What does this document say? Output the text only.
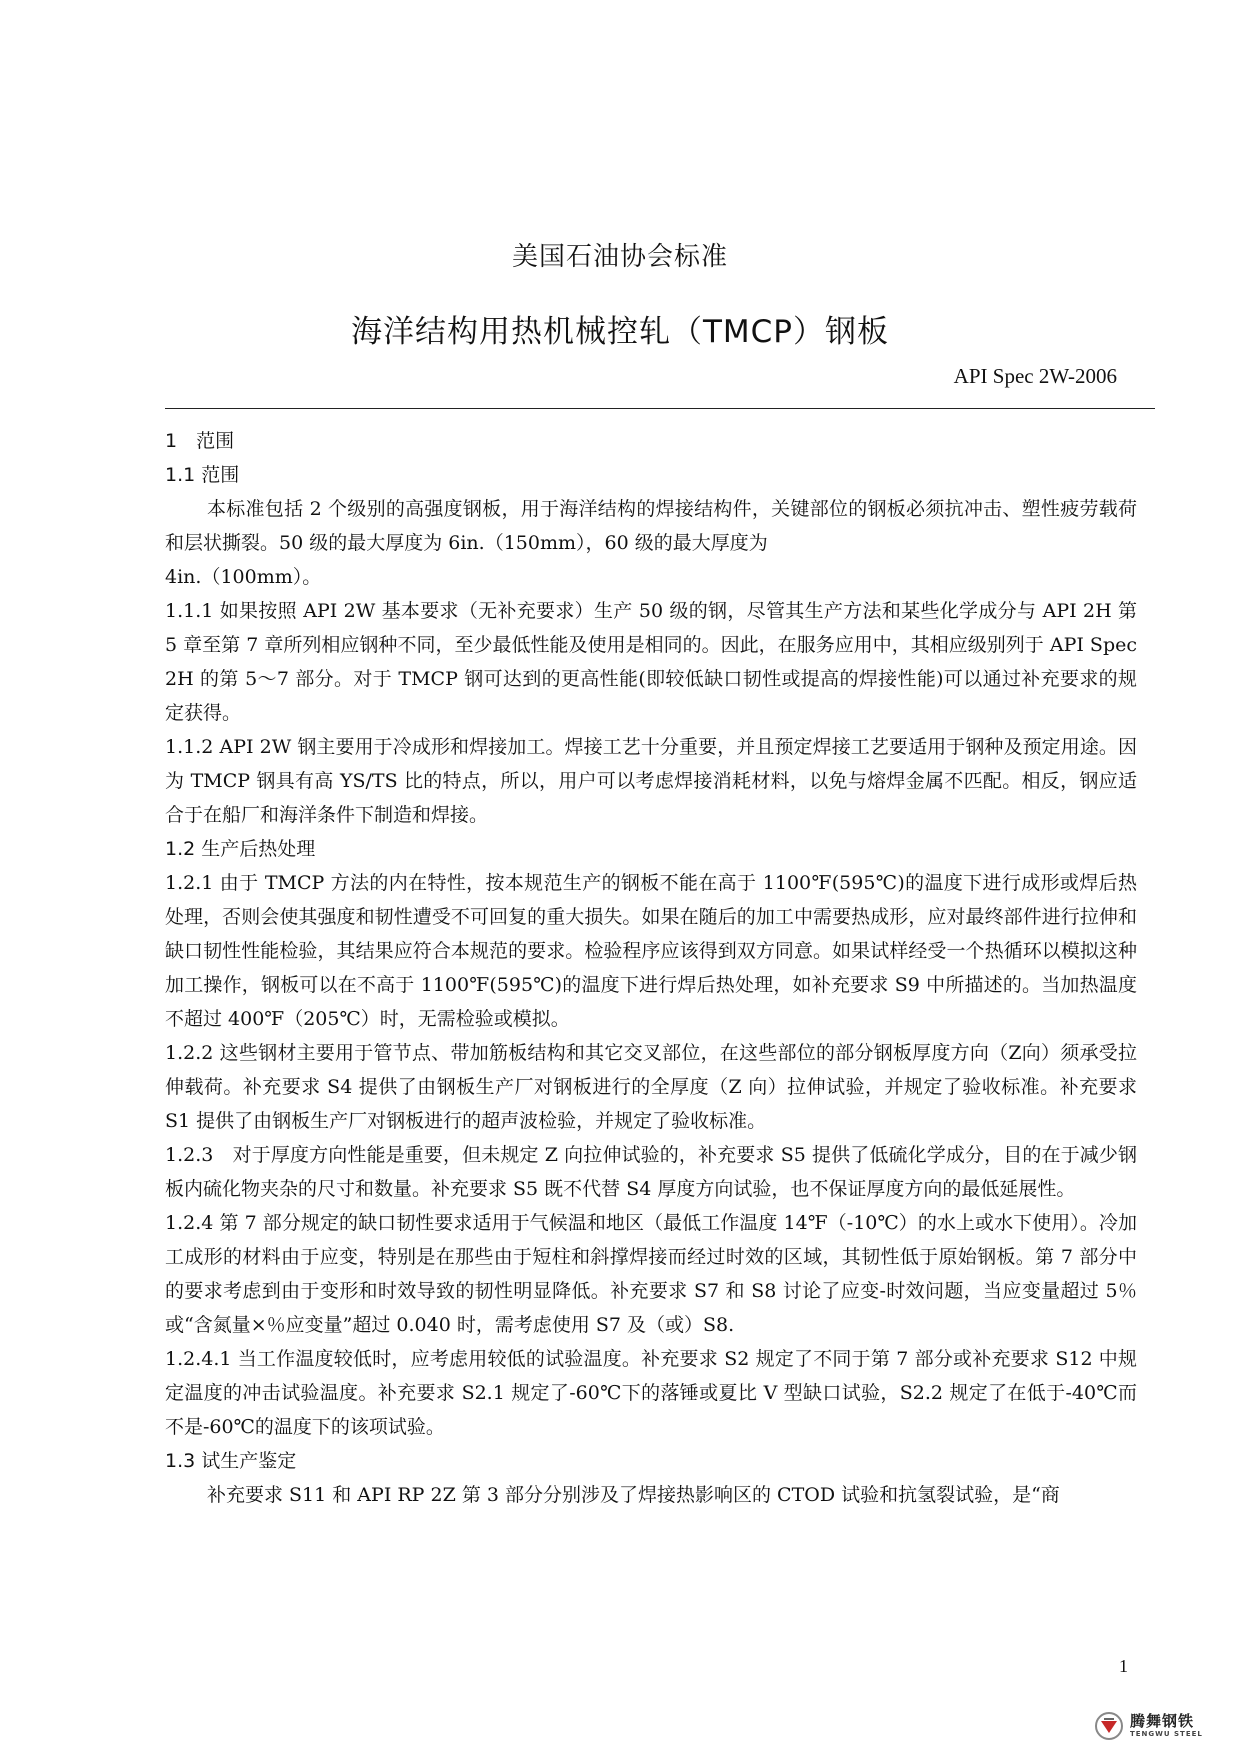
美国石油协会标准
海洋结构用热机械控轧（TMCP）钢板
API Spec 2W-2006

1　范围

1.1 范围

本标准包括 2 个级别的高强度钢板，用于海洋结构的焊接结构件，关键部位的钢板必须抗冲击、塑性疲劳载荷和层状撕裂。50 级的最大厚度为 6in.（150mm），60 级的最大厚度为

4in.（100mm）。

1.1.1 如果按照 API 2W 基本要求（无补充要求）生产 50 级的钢，尽管其生产方法和某些化学成分与 API 2H 第 5 章至第 7 章所列相应钢种不同，至少最低性能及使用是相同的。因此，在服务应用中，其相应级别列于 API Spec 2H 的第 5～7 部分。对于 TMCP 钢可达到的更高性能(即较低缺口韧性或提高的焊接性能)可以通过补充要求的规定获得。

1.1.2 API 2W 钢主要用于冷成形和焊接加工。焊接工艺十分重要，并且预定焊接工艺要适用于钢种及预定用途。因为 TMCP 钢具有高 YS/TS 比的特点，所以，用户可以考虑焊接消耗材料，以免与熔焊金属不匹配。相反，钢应适合于在船厂和海洋条件下制造和焊接。

1.2 生产后热处理

1.2.1 由于 TMCP 方法的内在特性，按本规范生产的钢板不能在高于 1100℉(595℃)的温度下进行成形或焊后热处理，否则会使其强度和韧性遭受不可回复的重大损失。如果在随后的加工中需要热成形，应对最终部件进行拉伸和缺口韧性性能检验，其结果应符合本规范的要求。检验程序应该得到双方同意。如果试样经受一个热循环以模拟这种加工操作，钢板可以在不高于 1100℉(595℃)的温度下进行焊后热处理，如补充要求 S9 中所描述的。当加热温度不超过 400℉（205℃）时，无需检验或模拟。

1.2.2 这些钢材主要用于管节点、带加筋板结构和其它交叉部位，在这些部位的部分钢板厚度方向（Z向）须承受拉伸载荷。补充要求 S4 提供了由钢板生产厂对钢板进行的全厚度（Z 向）拉伸试验，并规定了验收标准。补充要求 S1 提供了由钢板生产厂对钢板进行的超声波检验，并规定了验收标准。

1.2.3　对于厚度方向性能是重要，但未规定 Z 向拉伸试验的，补充要求 S5 提供了低硫化学成分，目的在于减少钢板内硫化物夹杂的尺寸和数量。补充要求 S5 既不代替 S4 厚度方向试验，也不保证厚度方向的最低延展性。

1.2.4 第 7 部分规定的缺口韧性要求适用于气候温和地区（最低工作温度 14℉（-10℃）的水上或水下使用）。冷加工成形的材料由于应变，特别是在那些由于短柱和斜撑焊接而经过时效的区域，其韧性低于原始钢板。第 7 部分中的要求考虑到由于变形和时效导致的韧性明显降低。补充要求 S7 和 S8 讨论了应变-时效问题，当应变量超过 5％或“含氮量×％应变量”超过 0.040 时，需考虑使用 S7 及（或）S8.

1.2.4.1 当工作温度较低时，应考虑用较低的试验温度。补充要求 S2 规定了不同于第 7 部分或补充要求 S12 中规定温度的冲击试验温度。补充要求 S2.1 规定了-60℃下的落锤或夏比 V 型缺口试验，S2.2 规定了在低于-40℃而不是-60℃的温度下的该项试验。

1.3 试生产鉴定

补充要求 S11 和 API RP 2Z 第 3 部分分别涉及了焊接热影响区的 CTOD 试验和抗氢裂试验，是“商

1
腾舞钢铁
TENGWU STEEL
